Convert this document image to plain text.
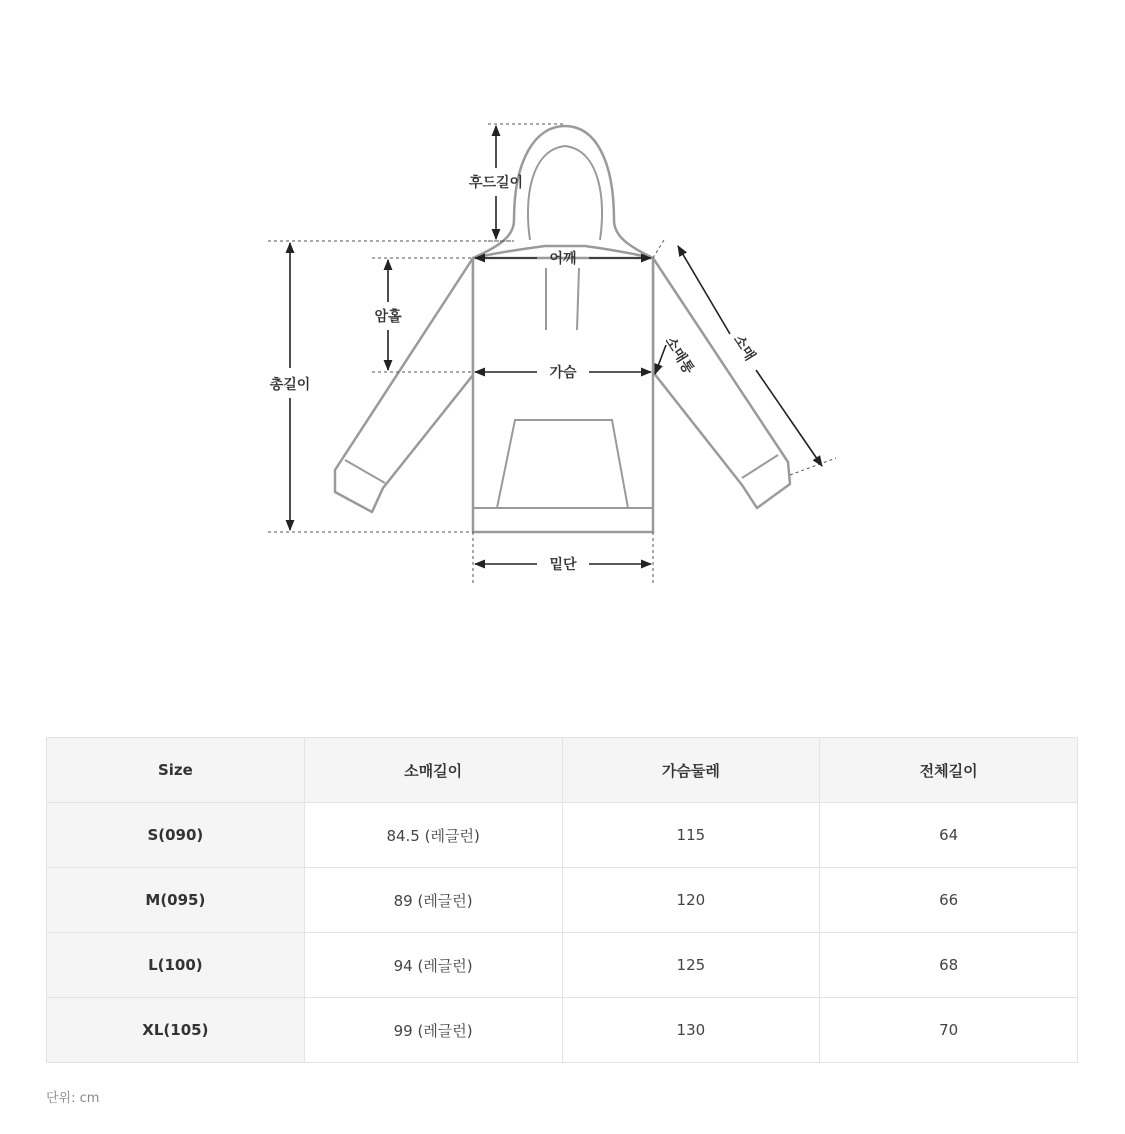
후드길이
어깨
암홀
총길이
가슴	소매통 소매
밑단
Size	소매길이	가슴둘레	전체길이
S(090)	84.5 (레글런)	115	64
M(095)	89 (레글런)	120	66
L(100)	94 (레글런)	125	68
XL(105)	99 (레글런)	130	70
단위: cm
